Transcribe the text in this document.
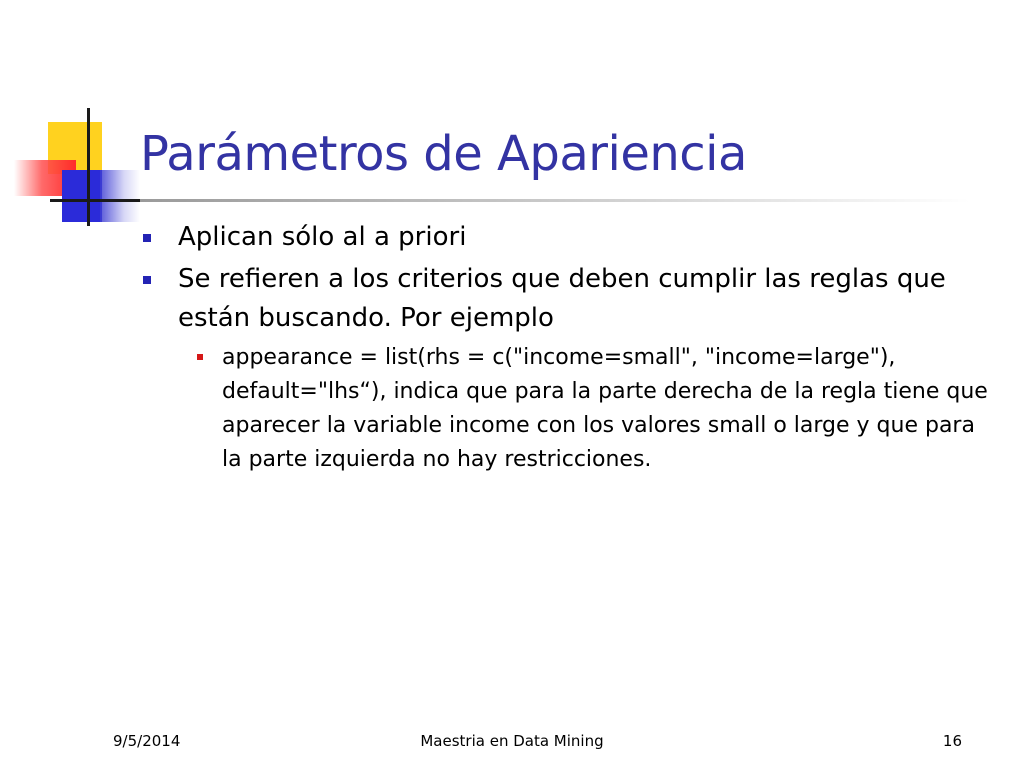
Parámetros de Apariencia
Aplican sólo al a priori
Se refieren a los criterios que deben cumplir las reglas que están buscando. Por ejemplo
appearance = list(rhs = c("income=small", "income=large"), default="lhs“), indica que para la parte derecha de la regla tiene que aparecer la variable income con los valores small o large y que para la parte izquierda no hay restricciones.
9/5/2014	Maestria en Data Mining	16
